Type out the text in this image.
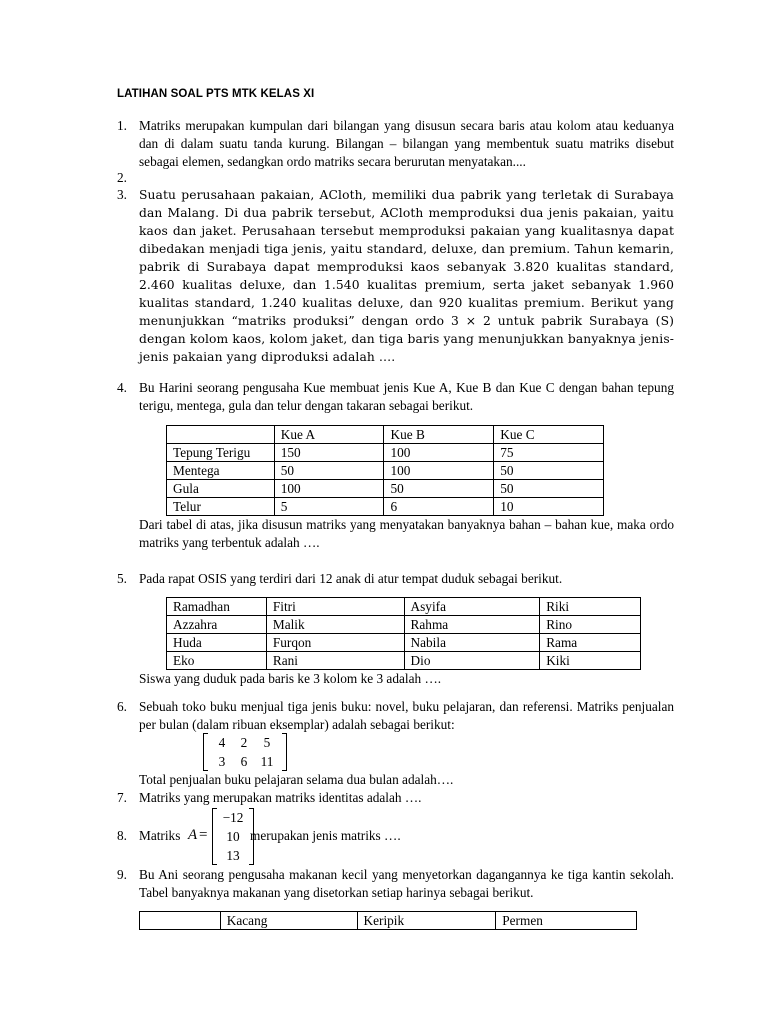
LATIHAN SOAL PTS MTK KELAS XI
1. Matriks merupakan kumpulan dari bilangan yang disusun secara baris atau kolom atau keduanya dan di dalam suatu tanda kurung. Bilangan – bilangan yang membentuk suatu matriks disebut sebagai elemen, sedangkan ordo matriks secara berurutan menyatakan....
2.
3. Suatu perusahaan pakaian, ACloth, memiliki dua pabrik yang terletak di Surabaya dan Malang. Di dua pabrik tersebut, ACloth memproduksi dua jenis pakaian, yaitu kaos dan jaket. Perusahaan tersebut memproduksi pakaian yang kualitasnya dapat dibedakan menjadi tiga jenis, yaitu standard, deluxe, dan premium. Tahun kemarin, pabrik di Surabaya dapat memproduksi kaos sebanyak 3.820 kualitas standard, 2.460 kualitas deluxe, dan 1.540 kualitas premium, serta jaket sebanyak 1.960 kualitas standard, 1.240 kualitas deluxe, dan 920 kualitas premium. Berikut yang menunjukkan “matriks produksi” dengan ordo 3 × 2 untuk pabrik Surabaya (S) dengan kolom kaos, kolom jaket, dan tiga baris yang menunjukkan banyaknya jenis-jenis pakaian yang diproduksi adalah ….
4. Bu Harini seorang pengusaha Kue membuat jenis Kue A, Kue B dan Kue C dengan bahan tepung terigu, mentega, gula dan telur dengan takaran sebagai berikut.
	Kue A	Kue B	Kue C
Tepung Terigu	150	100	75
Mentega	50	100	50
Gula	100	50	50
Telur	5	6	10
Dari tabel di atas, jika disusun matriks yang menyatakan banyaknya bahan – bahan kue, maka ordo matriks yang terbentuk adalah ….
5. Pada rapat OSIS yang terdiri dari 12 anak di atur tempat duduk sebagai berikut.
Ramadhan	Fitri	Asyifa	Riki
Azzahra	Malik	Rahma	Rino
Huda	Furqon	Nabila	Rama
Eko	Rani	Dio	Kiki
Siswa yang duduk pada baris ke 3 kolom ke 3 adalah ….
6. Sebuah toko buku menjual tiga jenis buku: novel, buku pelajaran, dan referensi. Matriks penjualan per bulan (dalam ribuan eksemplar) adalah sebagai berikut:
4	2	5
3	6 11
Total penjualan buku pelajaran selama dua bulan adalah….
7. Matriks yang merupakan matriks identitas adalah ….
8. Matriks A =
−12
10
13
merupakan jenis matriks ….
9. Bu Ani seorang pengusaha makanan kecil yang menyetorkan dagangannya ke tiga kantin sekolah. Tabel banyaknya makanan yang disetorkan setiap harinya sebagai berikut.
	Kacang	Keripik	Permen
